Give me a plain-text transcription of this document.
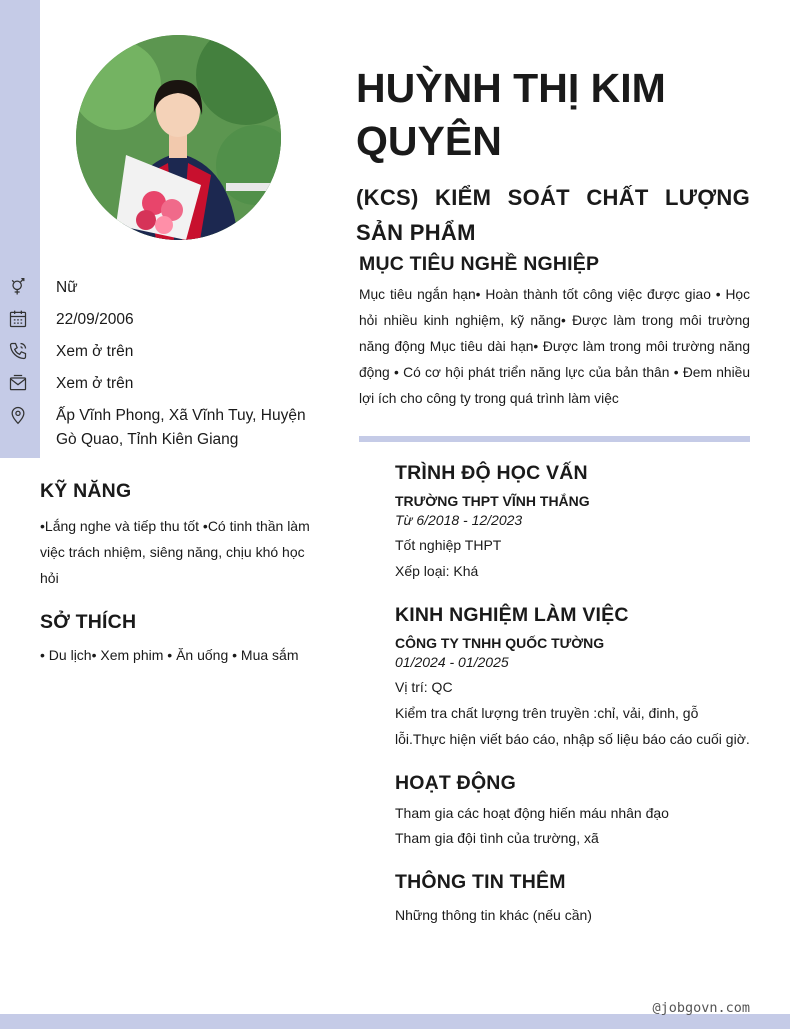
Nữ
22/09/2006
Xem ở trên
Xem ở trên
Ấp Vĩnh Phong, Xã Vĩnh Tuy, Huyện Gò Quao, Tỉnh Kiên Giang
KỸ NĂNG
•Lắng nghe và tiếp thu tốt •Có tinh thần làm việc trách nhiệm, siêng năng, chịu khó học hỏi
SỞ THÍCH
• Du lịch• Xem phim • Ăn uống • Mua sắm
HUỲNH THỊ KIM QUYÊN
(KCS) KIỂM SOÁT CHẤT LƯỢNG SẢN PHẨM
MỤC TIÊU NGHỀ NGHIỆP
Mục tiêu ngắn hạn• Hoàn thành tốt công việc được giao • Học hỏi nhiều kinh nghiệm, kỹ năng• Được làm trong môi trường năng động Mục tiêu dài hạn• Được làm trong môi trường năng động • Có cơ hội phát triển năng lực của bản thân • Đem nhiều lợi ích cho công ty trong quá trình làm việc
TRÌNH ĐỘ HỌC VẤN
TRƯỜNG THPT VĨNH THẮNG
Từ 6/2018 - 12/2023
Tốt nghiệp THPT
Xếp loại: Khá
KINH NGHIỆM LÀM VIỆC
CÔNG TY TNHH QUỐC TƯỜNG
01/2024 - 01/2025
Vị trí: QC
Kiểm tra chất lượng trên truyền :chỉ, vải, đinh, gỗ lỗi.Thực hiện viết báo cáo, nhập số liệu báo cáo cuối giờ.
HOẠT ĐỘNG
Tham gia các hoạt động hiến máu nhân đạo
Tham gia đội tình của trường, xã
THÔNG TIN THÊM
Những thông tin khác (nếu cần)
@jobgovn.com
